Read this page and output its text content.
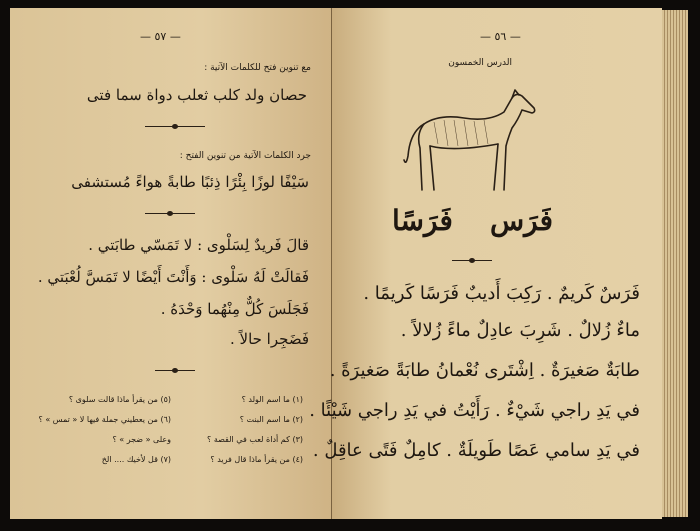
— ٥٧ —
مع تنوين فتح للكلمات الآتية :
حصان ولد كلب ثعلب دواة سما فتى
جرد الكلمات الآتية من تنوين الفتح :
سَيْفًا لوزًا بِئْرًا ذِئبًا طابةً هواءً مُستشفى
قالَ فَريدٌ لِسَلْوى : لا تَمَسّي طابَتي .
فَقالَتْ لَهُ سَلْوى : وَأَنْتَ أَيْضًا لا تَمَسَّ لُعْبَتي .
فَجَلَسَ كُلٌّ مِنْهُما وَحْدَهُ .
فَضَجِرا حالاً .
(١) ما اسم الولد ؟
(٢) ما اسم البنت ؟
(٣) كم أداة لعب في القصة ؟
(٤) من يقرأ ماذا قال فريد ؟
(٥) من يقرأ ماذا قالت سلوى ؟
(٦) من يعطيني جملة فيها لا « تمس » ؟
وعلى « ضجر » ؟
(٧) قل لأخيك .... الخ
— ٥٦ —
الدرس الخمسون
فَرَس
فَرَسًا
فَرَسٌ كَريمٌ . رَكِبَ أَديبٌ فَرَسًا كَريمًا .
ماءٌ زُلالٌ . شَرِبَ عادِلٌ ماءً زُلالاً .
طابَةٌ صَغيرَةٌ . اِشْتَرى نُعْمانُ طابَةً صَغيرَةً .
في يَدِ راجي شَيْءٌ . رَأَيْتُ في يَدِ راجي شَيْئًا .
في يَدِ سامي عَصًا طَويلَةٌ . كامِلٌ فَتًى عاقِلٌ .
